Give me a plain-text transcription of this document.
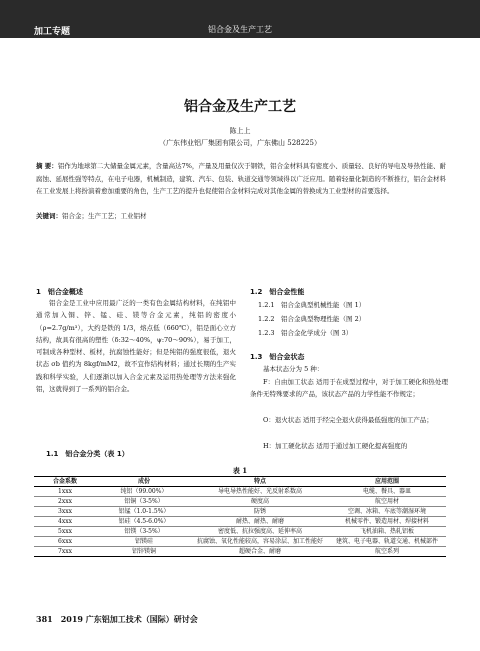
加工专题	铝合金及生产工艺
铝合金及生产工艺
陈上上
（广东伟业铝厂集团有限公司，广东佛山 528225）
摘 要：铝作为地球第二大储量金属元素，含量高达7%，产量及用量仅次于钢铁，铝合金材料具有密度小、质量轻、良好的导电及导热性能、耐腐蚀、延展性强等特点，在电子电器，机械制造，建筑、汽车、包装、轨道交通等领域得以广泛应用。随着轻量化制造的不断推行，铝合金材料在工业发展上将扮演着愈加重要的角色，生产工艺的提升也促使铝合金材料完成对其他金属的替换成为工业型材的首要选择。
关键词：铝合金；生产工艺；工业铝材
1　铝合金概述
铝合金是工业中应用最广泛的一类有色金属结构材料，在纯铝中通常加入铜、锌、锰、硅、镁等合金元素，纯铝的密度小（ρ=2.7g/m³），大约是铁的 1/3，熔点低（660℃），铝是面心立方结构，故具有很高的塑性（δ:32～40%，ψ:70～90%），易于加工，可制成各种型材、板材，抗腐蚀性能好；但是纯铝的强度很低，退火状态 σb 值约为 8kgf/mM2，故不宜作结构材料；通过长期的生产实践和科学实验，人们逐渐以加入合金元素及运用热处理等方法来强化铝，这就得到了一系列的铝合金。
1.1　铝合金分类（表 1）
1.2　铝合金性能
1.2.1　铝合金典型机械性能（图 1）
1.2.2　铝合金典型物理性能（图 2）
1.2.3　铝合金化学成分（图 3）
1.3　铝合金状态
基本状态分为 5 种：
F：自由加工状态 适用于在成型过程中，对于加工硬化和热处理条件无特殊要求的产品，该状态产品的力学性能不作规定；
O：退火状态 适用于经完全退火获得最低强度的加工产品；
H：加工硬化状态 适用于通过加工硬化提高强度的
表 1
合金系数	成份	特点	应用范围
1xxx	纯铝（99.00%）	导电导热性能好、光反射系数高	电缆、餐具、器皿
2xxx	铝铜（3-5%）	硬度高	航空用材
3xxx	铝锰（1.0-1.5%）	防锈	空调、冰箱、车底等潮湿环境
4xxx	铝硅（4.5-6.0%）	耐热、耐热、耐磨	机械零件、锻造用材、焊接材料
5xxx	铝镁（3-5%）	密度低、抗拉强度高、延伸率高	飞机油箱、热轧铝板
6xxx	铝镁硅	抗腐蚀、氧化性能较高，容易涂层、加工性能好	建筑、电子电器、轨道交通、机械部件
7xxx	铝锌镁铜	超硬合金、耐磨	航空系列
381 2019 广东铝加工技术（国际）研讨会
